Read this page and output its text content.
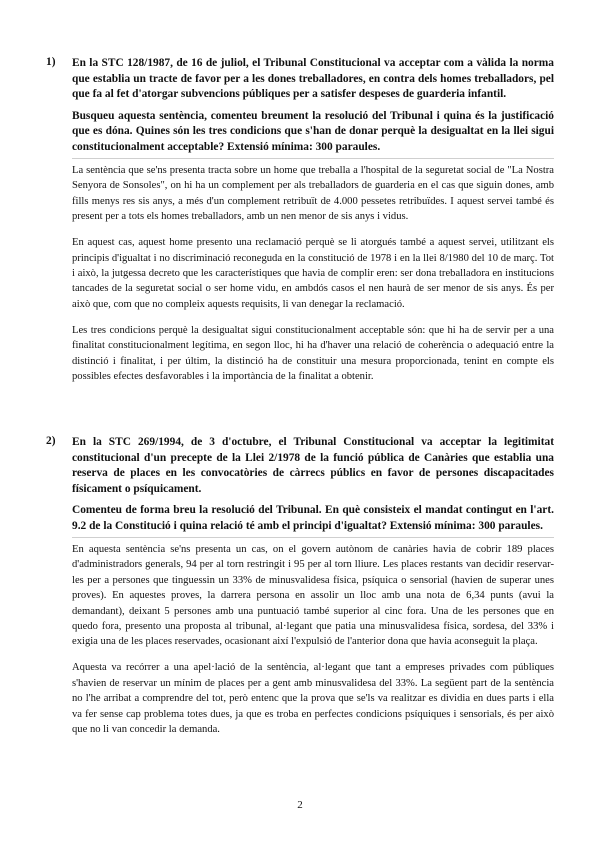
1) En la STC 128/1987, de 16 de juliol, el Tribunal Constitucional va acceptar com a vàlida la norma que establia un tracte de favor per a les dones treballadores, en contra dels homes treballadors, pel que fa al fet d'atorgar subvencions públiques per a satisfer despeses de guarderia infantil.
Busqueu aquesta sentència, comenteu breument la resolució del Tribunal i quina és la justificació que es dóna. Quines són les tres condicions que s'han de donar perquè la desigualtat en la llei sigui constitucionalment acceptable? Extensió mínima: 300 paraules.

La sentència que se'ns presenta tracta sobre un home que treballa a l'hospital de la seguretat social de "La Nostra Senyora de Sonsoles", on hi ha un complement per als treballadors de guarderia en el cas que siguin dones, amb fills menys res sis anys, a més d'un complement retribuït de 4.000 pessetes retribuïdes. I aquest servei també és present per a tots els homes treballadors, amb un nen menor de sis anys i vidus.

En aquest cas, aquest home presento una reclamació perquè se li atorgués també a aquest servei, utilitzant els principis d'igualtat i no discriminació reconeguda en la constitució de 1978 i en la llei 8/1980 del 10 de març. Tot i això, la jutgessa decreto que les característiques que havia de complir eren: ser dona treballadora en institucions tancades de la seguretat social o ser home vidu, en ambdós casos el nen haurà de ser menor de sis anys. És per això que, com que no compleix aquests requisits, li van denegar la reclamació.

Les tres condicions perquè la desigualtat sigui constitucionalment acceptable són: que hi ha de servir per a una finalitat constitucionalment legítima, en segon lloc, hi ha d'haver una relació de coherència o adequació entre la distinció i finalitat, i per últim, la distinció ha de constituir una mesura proporcionada, tenint en compte els possibles efectes desfavorables i la importància de la finalitat a obtenir.

2) En la STC 269/1994, de 3 d'octubre, el Tribunal Constitucional va acceptar la legitimitat constitucional d'un precepte de la Llei 2/1978 de la funció pública de Canàries que establia una reserva de places en les convocatòries de càrrecs públics en favor de persones discapacitades físicament o psíquicament.
Comenteu de forma breu la resolució del Tribunal. En què consisteix el mandat contingut en l'art. 9.2 de la Constitució i quina relació té amb el principi d'igualtat? Extensió mínima: 300 paraules.

En aquesta sentència se'ns presenta un cas, on el govern autònom de canàries havia de cobrir 189 places d'administradors generals, 94 per al torn restringit i 95 per al torn lliure. Les places restants van decidir reservar-les per a persones que tinguessin un 33% de minusvalidesa física, psíquica o sensorial (havien de superar unes proves). En aquestes proves, la darrera persona en assolir un lloc amb una nota de 6,34 punts (avui la demandant), deixant 5 persones amb una puntuació també superior al cinc fora. Una de les persones que en quedo fora, presento una proposta al tribunal, al·legant que patia una minusvalidesa física, sordesa, del 33% i exigia una de les places reservades, ocasionant així l'expulsió de l'anterior dona que havia aconseguit la plaça.

Aquesta va recórrer a una apel·lació de la sentència, al·legant que tant a empreses privades com públiques s'havien de reservar un mínim de places per a gent amb minusvalidesa del 33%. La següent part de la sentència no l'he arribat a comprendre del tot, però entenc que la prova que se'ls va realitzar es dividia en dues parts i ella va fer sense cap problema totes dues, ja que es troba en perfectes condicions psíquiques i sensorials, és per això que no li van concedir la demanda.

2
